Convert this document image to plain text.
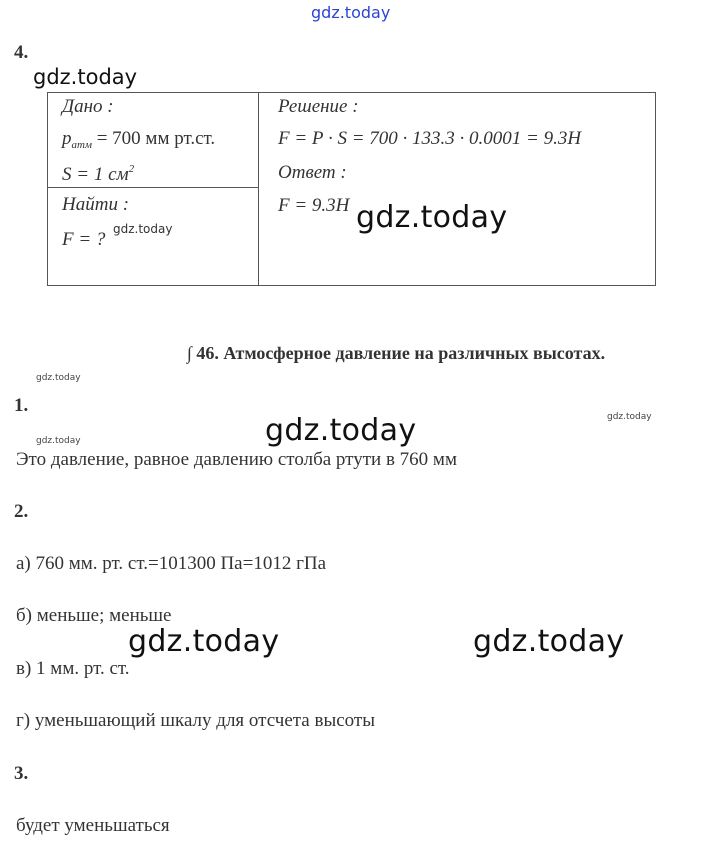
gdz.today
4.
gdz.today
Дано :
$p_{атм} = 700$ мм рт.ст.
S = 1 $см^2$
Найти :
F = ? gdz.today
Решение :
F = P · S = 700 · 133.3 · 0.0001 = 9.3H
Ответ :
F = 9.3H gdz.today
∫ 46. Атмосферное давление на различных высотах.
gdz.today
1.
gdz.today
gdz.today
gdz.today
Это давление, равное давлению столба ртути в 760 мм
2.
а) 760 мм. рт. ст.=101300 Па=1012 гПа
б) меньше; меньше
gdz.today	gdz.today
в) 1 мм. рт. ст.
г) уменьшающий шкалу для отсчета высоты
3.
будет уменьшаться
